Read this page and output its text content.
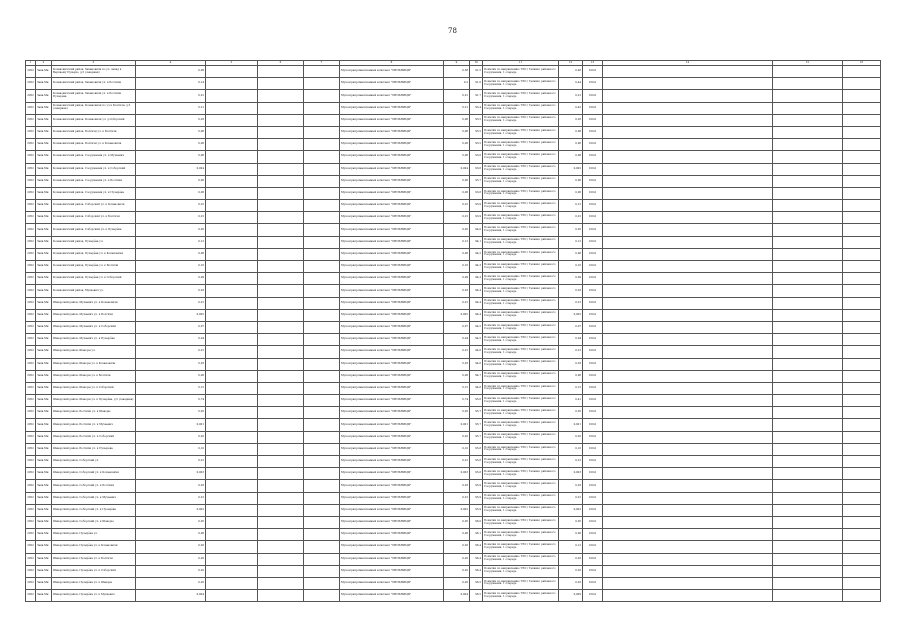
78
1	2	3	4	5	6	7	8	9	10	11	12	13	14	15	16
2052	Заяв.Мн	Кохановичский район, Хахановичи по ул. запад к Верхнему Пузырю, д.5 (северная)	0,06				Мухоаграпромышленный комплекс "МЕЛЬНИЦЫ"	0,38	91,5	Пометки по направлению ТЭО / Технико районного Сооружения, 1 очередь	0,48	100,0			
2052	Заяв.Мн	Кохановичский район, Хахановичи ул. к Болтичи	0,14				Мухоаграпромышленный комплекс "МЕЛЬНИЦЫ"	0,2	91,6	Пометки по направлению ТЭО / Технико районного Сооружения, 1 очередь	0,44	100,0			
2052	Заяв.Мн	Кохановичский район, Хахановичи ул. к Болтичи Пузырёва	0,01				Мухоаграпромышленный комплекс "МЕЛЬНИЦЫ"	0,01	91,7	Пометки по направлению ТЭО / Технико районного Сооружения, 1 очередь	0,01	100,0			
2052	Заяв.Мн	Кохановичский район, Кохановичи по ул к Болтичи, д.5 (северная)	0,21				Мухоаграпромышленный комплекс "МЕЛЬНИЦЫ"	0,21	93,4	Пометки по направлению ТЭО / Технико районного Сооружения, 1 очередь	0,42	100,0			
2052	Заяв.Мн	Кохановичский район, Кохановичи ул. д.Соборский	0,03				Мухоаграпромышленный комплекс "МЕЛЬНИЦЫ"	0,08	93,5	Пометки по направлению ТЭО / Технико районного Сооружения, 1 очередь	0,03	100,0			
2052	Заяв.Мн	Кохановичский район, Болтичи ул. к Болтичи	0,08				Мухоаграпромышленный комплекс "МЕЛЬНИЦЫ"	0,08	93,5	Пометки по направлению ТЭО / Технико районного Сооружения, 1 очередь	0,08	100,0			
2052	Заяв.Мн	Кохановичский район, Болтичи ул. к Кохановичи	0,06				Мухоаграпромышленный комплекс "МЕЛЬНИЦЫ"	0,06	93,5	Пометки по направлению ТЭО / Технико районного Сооружения, 1 очередь	0,06	100,0			
2052	Заяв.Мн	Кохановичский район, Сооружения ул. к Мухаевич	0,08				Мухоаграпромышленный комплекс "МЕЛЬНИЦЫ"	0,08	93,6	Пометки по направлению ТЭО / Технико районного Сооружения, 1 очередь	0,08	100,0			
2052	Заяв.Мн	Кохановичский район, Сооружения ул. к Соборский	0,004				Мухоаграпромышленный комплекс "МЕЛЬНИЦЫ"	0,004	93,6	Пометки по направлению ТЭО / Технико районного Сооружения, 1 очередь	0,002	100,0			
2052	Заяв.Мн	Кохановичский район, Сооружения ул. к Болтичи	0,06				Мухоаграпромышленный комплекс "МЕЛЬНИЦЫ"	0,06	93,7	Пометки по направлению ТЭО / Технико районного Сооружения, 1 очередь	0,06	100,0			
2052	Заяв.Мн	Кохановичский район, Сооружения ул. к Пузырёва	0,06				Мухоаграпромышленный комплекс "МЕЛЬНИЦЫ"	0,06	93,8	Пометки по направлению ТЭО / Технико районного Сооружения, 1 очередь	0,06	100,0			
2052	Заяв.Мн	Кохановичский район, Соборский ул. к Кохановичи	0,25				Мухоаграпромышленный комплекс "МЕЛЬНИЦЫ"	0,25	93,9	Пометки по направлению ТЭО / Технико районного Сооружения, 1 очередь	0,15	100,0			
2052	Заяв.Мн	Кохановичский район, Соборский ул. к Болтичи	0,01				Мухоаграпромышленный комплекс "МЕЛЬНИЦЫ"	0,01	93,9	Пометки по направлению ТЭО / Технико районного Сооружения, 1 очередь	0,01	100,0			
2052	Заяв.Мн	Кохановичский район, Соборский ул. к Пузырёва	0,05				Мухоаграпромышленный комплекс "МЕЛЬНИЦЫ"	0,05	94,0	Пометки по направлению ТЭО / Технико районного Сооружения, 1 очередь	0,05	100,0			
2052	Заяв.Мн	Кохановичский район, Пузырёва ул.	0,12				Мухоаграпромышленный комплекс "МЕЛЬНИЦЫ"	0,12	94,1	Пометки по направлению ТЭО / Технико районного Сооружения, 1 очередь	0,12	100,0			
2052	Заяв.Мн	Кохановичский район, Пузырёва ул. к Кохановичи	0,08				Мухоаграпромышленный комплекс "МЕЛЬНИЦЫ"	0,08	94,2	Пометки по направлению ТЭО / Технико районного Сооружения, 1 очередь	0,08	100,0			
2052	Заяв.Мн	Кохановичский район, Пузырёва ул. к Болтичи	0,16				Мухоаграпромышленный комплекс "МЕЛЬНИЦЫ"	0,16	94,3	Пометки по направлению ТЭО / Технико районного Сооружения, 1 очередь	0,16	100,0			
2052	Заяв.Мн	Кохановичский район, Пузырёва ул. к Соборский	0,09				Мухоаграпромышленный комплекс "МЕЛЬНИЦЫ"	0,09	94,3	Пометки по направлению ТЭО / Технико районного Сооружения, 1 очередь	0,09	100,0			
2052	Заяв.Мн	Кохановичский район, Мухаевич ул.	0,03				Мухоаграпромышленный комплекс "МЕЛЬНИЦЫ"	0,03	94,4	Пометки по направлению ТЭО / Технико районного Сооружения, 1 очередь	0,03	100,0			
2052	Заяв.Мн	Шаворский район, Мухаевич ул. к Кохановичи	0,01				Мухоаграпромышленный комплекс "МЕЛЬНИЦЫ"	0,01	94,4	Пометки по направлению ТЭО / Технико районного Сооружения, 1 очередь	0,01	100,0			
2052	Заяв.Мн	Шаворский район, Мухаевич ул. к Болтичи	0,005				Мухоаграпромышленный комплекс "МЕЛЬНИЦЫ"	0,005	94,4	Пометки по направлению ТЭО / Технико районного Сооружения, 1 очередь	0,005	100,0			
2052	Заяв.Мн	Шаворский район, Мухаевич ул. к Соборский	0,07				Мухоаграпромышленный комплекс "МЕЛЬНИЦЫ"	0,07	94,5	Пометки по направлению ТЭО / Технико районного Сооружения, 1 очередь	0,07	100,0			
2052	Заяв.Мн	Шаворский район, Мухаевич ул. к Пузырёва	0,04				Мухоаграпромышленный комплекс "МЕЛЬНИЦЫ"	0,04	94,5	Пометки по направлению ТЭО / Технико районного Сооружения, 1 очередь	0,04	100,0			
2052	Заяв.Мн	Шаворский район, Шаворы ул.	0,01				Мухоаграпромышленный комплекс "МЕЛЬНИЦЫ"	0,01	94,6	Пометки по направлению ТЭО / Технико районного Сооружения, 1 очередь	0,01	100,0			
2052	Заяв.Мн	Шаворский район, Шаворы ул. к Кохановичи	0,03				Мухоаграпромышленный комплекс "МЕЛЬНИЦЫ"	0,03	94,6	Пометки по направлению ТЭО / Технико районного Сооружения, 1 очередь	0,03	100,0			
2052	Заяв.Мн	Шаворский район, Шаворы ул. к Болтичи	0,06				Мухоаграпромышленный комплекс "МЕЛЬНИЦЫ"	0,06	94,7	Пометки по направлению ТЭО / Технико районного Сооружения, 1 очередь	0,06	100,0			
2052	Заяв.Мн	Шаворский район, Шаворы ул. к Соборский	0,15				Мухоаграпромышленный комплекс "МЕЛЬНИЦЫ"	0,15	94,8	Пометки по направлению ТЭО / Технико районного Сооружения, 1 очередь	0,15	100,0			
2052	Заяв.Мн	Шаворский район, Шаворы ул. к Пузырёва, д.5 (северная)	0,74				Мухоаграпромышленный комплекс "МЕЛЬНИЦЫ"	0,74	95,6	Пометки по направлению ТЭО / Технико районного Сооружения, 1 очередь	0,41	100,0			
2052	Заяв.Мн	Шаворский район, Болтичи ул. к Шаворы	0,05				Мухоаграпромышленный комплекс "МЕЛЬНИЦЫ"	0,05	95,7	Пометки по направлению ТЭО / Технико районного Сооружения, 1 очередь	0,05	100,0			
2052	Заяв.Мн	Шаворский район, Болтичи ул. к Мухаевич	0,001				Мухоаграпромышленный комплекс "МЕЛЬНИЦЫ"	0,001	95,7	Пометки по направлению ТЭО / Технико районного Сооружения, 1 очередь	0,001	100,0			
2052	Заяв.Мн	Шаворский район, Болтичи ул. к Соборский	0,02				Мухоаграпромышленный комплекс "МЕЛЬНИЦЫ"	0,02	95,7	Пометки по направлению ТЭО / Технико районного Сооружения, 1 очередь	0,02	100,0			
2052	Заяв.Мн	Шаворский район, Болтичи ул. к Пузырёва	0,10				Мухоаграпромышленный комплекс "МЕЛЬНИЦЫ"	0,10	95,8	Пометки по направлению ТЭО / Технико районного Сооружения, 1 очередь	0,10	100,0			
2052	Заяв.Мн	Шаворский район, Соборский ул.	0,01				Мухоаграпромышленный комплекс "МЕЛЬНИЦЫ"	0,01	95,8	Пометки по направлению ТЭО / Технико районного Сооружения, 1 очередь	0,01	100,0			
2052	Заяв.Мн	Шаворский район, Соборский ул. к Кохановичи	0,003				Мухоаграпромышленный комплекс "МЕЛЬНИЦЫ"	0,003	95,8	Пометки по направлению ТЭО / Технико районного Сооружения, 1 очередь	0,003	100,0			
2052	Заяв.Мн	Шаворский район, Соборский ул. к Болтичи	0,03				Мухоаграпромышленный комплекс "МЕЛЬНИЦЫ"	0,03	95,9	Пометки по направлению ТЭО / Технико районного Сооружения, 1 очередь	0,03	100,0			
2052	Заяв.Мн	Шаворский район, Соборский ул. к Мухаевич	0,01				Мухоаграпромышленный комплекс "МЕЛЬНИЦЫ"	0,01	95,9	Пометки по направлению ТЭО / Технико районного Сооружения, 1 очередь	0,01	100,0			
2052	Заяв.Мн	Шаворский район, Соборский ул. к Пузырёва	0,002				Мухоаграпромышленный комплекс "МЕЛЬНИЦЫ"	0,002	95,9	Пометки по направлению ТЭО / Технико районного Сооружения, 1 очередь	0,002	100,0			
2052	Заяв.Мн	Шаворский район, Соборский ул. к Шаворы	0,05				Мухоаграпромышленный комплекс "МЕЛЬНИЦЫ"	0,05	96,0	Пометки по направлению ТЭО / Технико районного Сооружения, 1 очередь	0,05	100,0			
2052	Заяв.Мн	Шаворский район, Пузырёва ул.	0,06				Мухоаграпромышленный комплекс "МЕЛЬНИЦЫ"	0,06	96,1	Пометки по направлению ТЭО / Технико районного Сооружения, 1 очередь	0,06	100,0			
2052	Заяв.Мн	Шаворский район, Пузырёва ул. к Кохановичи	0,26				Мухоаграпромышленный комплекс "МЕЛЬНИЦЫ"	0,26	96,4	Пометки по направлению ТЭО / Технико районного Сооружения, 1 очередь	0,12	100,0			
2052	Заяв.Мн	Шаворский район, Пузырёва ул. к Болтичи	0,02				Мухоаграпромышленный комплекс "МЕЛЬНИЦЫ"	0,02	96,4	Пометки по направлению ТЭО / Технико районного Сооружения, 1 очередь	0,02	100,0			
2052	Заяв.Мн	Шаворский район, Пузырёва ул. к Соборский	0,02				Мухоаграпромышленный комплекс "МЕЛЬНИЦЫ"	0,02	96,4	Пометки по направлению ТЭО / Технико районного Сооружения, 1 очередь	0,02	100,0			
2052	Заяв.Мн	Шаворский район, Пузырёва ул. к Шаворы	0,02				Мухоаграпромышленный комплекс "МЕЛЬНИЦЫ"	0,02	96,5	Пометки по направлению ТЭО / Технико районного Сооружения, 1 очередь	0,02	100,0			
2052	Заяв.Мн	Шаворский район, Пузырёва ул. к Мухаевич	0,004				Мухоаграпромышленный комплекс "МЕЛЬНИЦЫ"	0,004	96,5	Пометки по направлению ТЭО / Технико районного Сооружения, 1 очередь	0,009	100,0			
